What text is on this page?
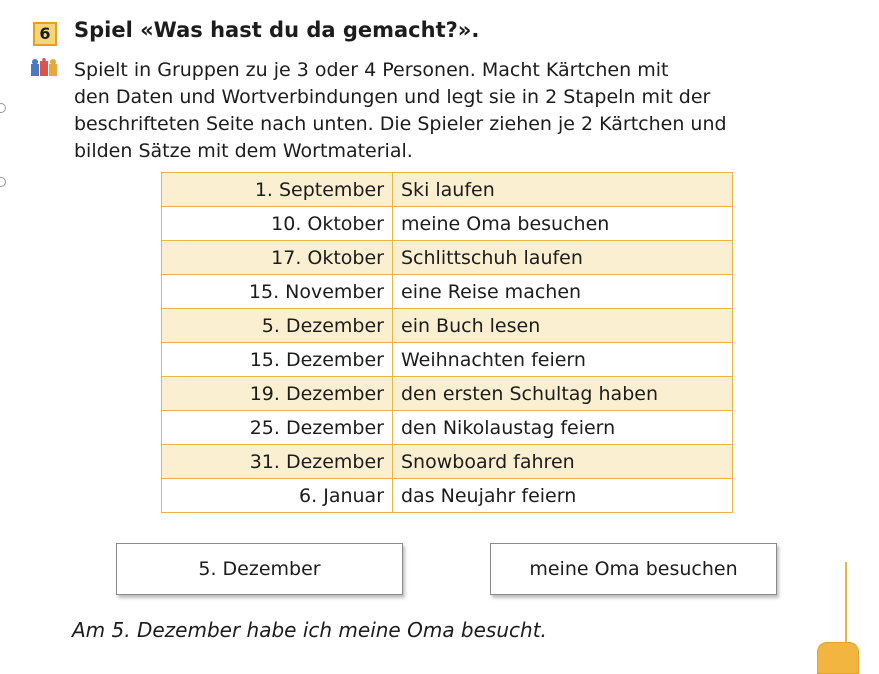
6	Spiel «Was hast du da gemacht?».

Spielt in Gruppen zu je 3 oder 4 Personen. Macht Kärtchen mit

den Daten und Wortverbindungen und legt sie in 2 Stapeln mit der

beschrifteten Seite nach unten. Die Spieler ziehen je 2 Kärtchen und

bilden Sätze mit dem Wortmaterial.

1. September	Ski laufen
10. Oktober	meine Oma besuchen
17. Oktober	Schlittschuh laufen
15. November	eine Reise machen
5. Dezember	ein Buch lesen
15. Dezember	Weihnachten feiern
19. Dezember	den ersten Schultag haben
25. Dezember	den Nikolaustag feiern
31. Dezember	Snowboard fahren
6. Januar	das Neujahr feiern
5. Dezember	meine Oma besuchen
Am 5. Dezember habe ich meine Oma besucht.
